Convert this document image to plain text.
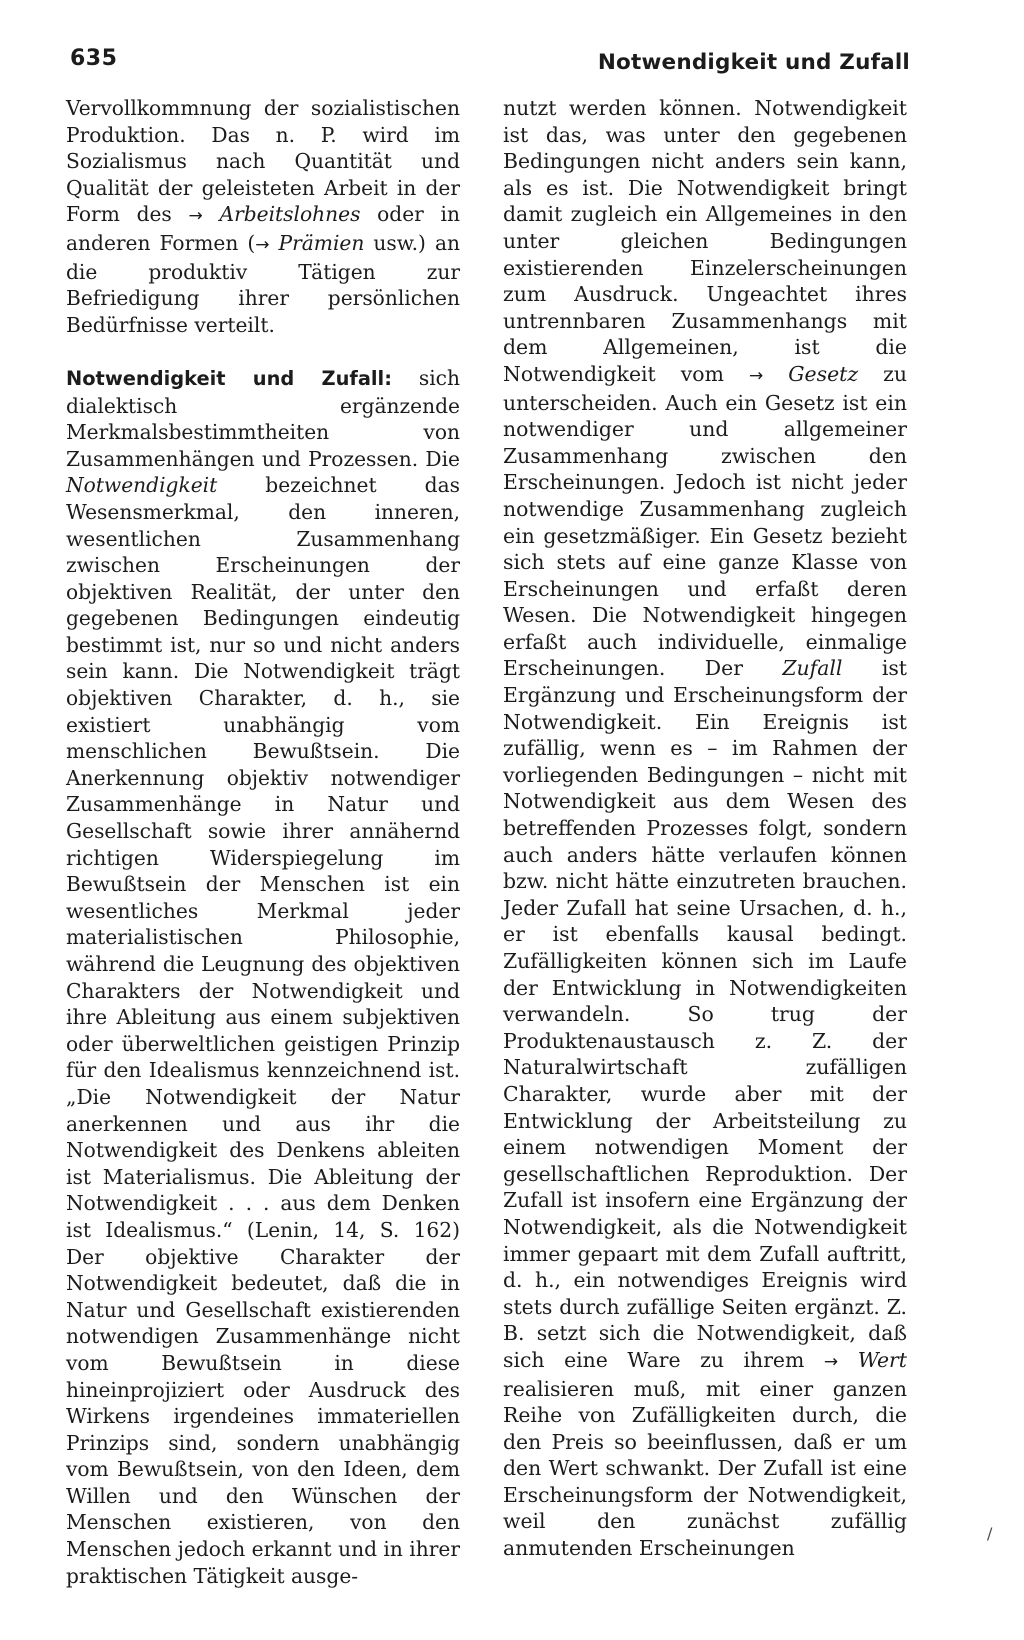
635	Notwendigkeit und Zufall

Vervollkommnung der sozialistischen Produktion. Das n. P. wird im Sozialismus nach Quantität und Qualität der geleisteten Arbeit in der Form des → Arbeitslohnes oder in anderen Formen (→ Prämien usw.) an die produktiv Tätigen zur Befriedigung ihrer persönlichen Bedürfnisse verteilt.

Notwendigkeit und Zufall: sich dialektisch ergänzende Merkmalsbestimmtheiten von Zusammenhängen und Prozessen. Die Notwendigkeit bezeichnet das Wesensmerkmal, den inneren, wesentlichen Zusammenhang zwischen Erscheinungen der objektiven Realität, der unter den gegebenen Bedingungen eindeutig bestimmt ist, nur so und nicht anders sein kann. Die Notwendigkeit trägt objektiven Charakter, d. h., sie existiert unabhängig vom menschlichen Bewußtsein. Die Anerkennung objektiv notwendiger Zusammenhänge in Natur und Gesellschaft sowie ihrer annähernd richtigen Widerspiegelung im Bewußtsein der Menschen ist ein wesentliches Merkmal jeder materialistischen Philosophie, während die Leugnung des objektiven Charakters der Notwendigkeit und ihre Ableitung aus einem subjektiven oder überweltlichen geistigen Prinzip für den Idealismus kennzeichnend ist. „Die Notwendigkeit der Natur anerkennen und aus ihr die Notwendigkeit des Denkens ableiten ist Materialismus. Die Ableitung der Notwendigkeit . . . aus dem Denken ist Idealismus.“ (Lenin, 14, S. 162) Der objektive Charakter der Notwendigkeit bedeutet, daß die in Natur und Gesellschaft existierenden notwendigen Zusammenhänge nicht vom Bewußtsein in diese hineinprojiziert oder Ausdruck des Wirkens irgendeines immateriellen Prinzips sind, sondern unabhängig vom Bewußtsein, von den Ideen, dem Willen und den Wünschen der Menschen existieren, von den Menschen jedoch erkannt und in ihrer praktischen Tätigkeit ausge-

nutzt werden können. Notwendigkeit ist das, was unter den gegebenen Bedingungen nicht anders sein kann, als es ist. Die Notwendigkeit bringt damit zugleich ein Allgemeines in den unter gleichen Bedingungen existierenden Einzelerscheinungen zum Ausdruck. Ungeachtet ihres untrennbaren Zusammenhangs mit dem Allgemeinen, ist die Notwendigkeit vom → Gesetz zu unterscheiden. Auch ein Gesetz ist ein notwendiger und allgemeiner Zusammenhang zwischen den Erscheinungen. Jedoch ist nicht jeder notwendige Zusammenhang zugleich ein gesetzmäßiger. Ein Gesetz bezieht sich stets auf eine ganze Klasse von Erscheinungen und erfaßt deren Wesen. Die Notwendigkeit hingegen erfaßt auch individuelle, einmalige Erscheinungen. Der Zufall ist Ergänzung und Erscheinungsform der Notwendigkeit. Ein Ereignis ist zufällig, wenn es – im Rahmen der vorliegenden Bedingungen – nicht mit Notwendigkeit aus dem Wesen des betreffenden Prozesses folgt, sondern auch anders hätte verlaufen können bzw. nicht hätte einzutreten brauchen. Jeder Zufall hat seine Ursachen, d. h., er ist ebenfalls kausal bedingt. Zufälligkeiten können sich im Laufe der Entwicklung in Notwendigkeiten verwandeln. So trug der Produktenaustausch z. Z. der Naturalwirtschaft zufälligen Charakter, wurde aber mit der Entwicklung der Arbeitsteilung zu einem notwendigen Moment der gesellschaftlichen Reproduktion. Der Zufall ist insofern eine Ergänzung der Notwendigkeit, als die Notwendigkeit immer gepaart mit dem Zufall auftritt, d. h., ein notwendiges Ereignis wird stets durch zufällige Seiten ergänzt. Z. B. setzt sich die Notwendigkeit, daß sich eine Ware zu ihrem → Wert realisieren muß, mit einer ganzen Reihe von Zufälligkeiten durch, die den Preis so beeinflussen, daß er um den Wert schwankt. Der Zufall ist eine Erscheinungsform der Notwendigkeit, weil den zunächst zufällig anmutenden Erscheinungen

/
